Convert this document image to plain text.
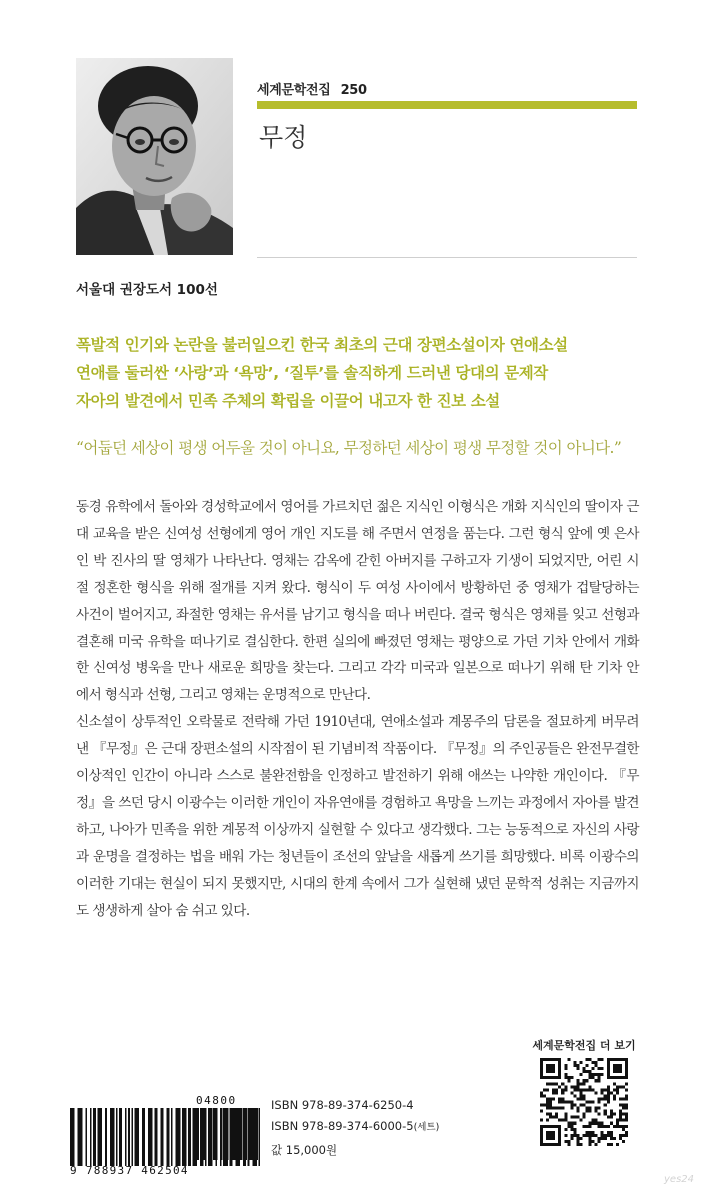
세계문학전집 250
무정
서울대 권장도서 100선
폭발적 인기와 논란을 불러일으킨 한국 최초의 근대 장편소설이자 연애소설
연애를 둘러싼 ‘사랑’과 ‘욕망’, ‘질투’를 솔직하게 드러낸 당대의 문제작
자아의 발견에서 민족 주체의 확립을 이끌어 내고자 한 진보 소설
“어둡던 세상이 평생 어두울 것이 아니요, 무정하던 세상이 평생 무정할 것이 아니다.”

동경 유학에서 돌아와 경성학교에서 영어를 가르치던 젊은 지식인 이형식은 개화 지식인의 딸이자 근대 교육을 받은 신여성 선형에게 영어 개인 지도를 해 주면서 연정을 품는다. 그런 형식 앞에 옛 은사인 박 진사의 딸 영채가 나타난다. 영채는 감옥에 갇힌 아버지를 구하고자 기생이 되었지만, 어린 시절 정혼한 형식을 위해 절개를 지켜 왔다. 형식이 두 여성 사이에서 방황하던 중 영채가 겁탈당하는 사건이 벌어지고, 좌절한 영채는 유서를 남기고 형식을 떠나 버린다. 결국 형식은 영채를 잊고 선형과 결혼해 미국 유학을 떠나기로 결심한다. 한편 실의에 빠졌던 영채는 평양으로 가던 기차 안에서 개화한 신여성 병욱을 만나 새로운 희망을 찾는다. 그리고 각각 미국과 일본으로 떠나기 위해 탄 기차 안에서 형식과 선형, 그리고 영채는 운명적으로 만난다.

신소설이 상투적인 오락물로 전락해 가던 1910년대, 연애소설과 계몽주의 담론을 절묘하게 버무려 낸 『무정』은 근대 장편소설의 시작점이 된 기념비적 작품이다. 『무정』의 주인공들은 완전무결한 이상적인 인간이 아니라 스스로 불완전함을 인정하고 발전하기 위해 애쓰는 나약한 개인이다. 『무정』을 쓰던 당시 이광수는 이러한 개인이 자유연애를 경험하고 욕망을 느끼는 과정에서 자아를 발견하고, 나아가 민족을 위한 계몽적 이상까지 실현할 수 있다고 생각했다. 그는 능동적으로 자신의 사랑과 운명을 결정하는 법을 배워 가는 청년들이 조선의 앞날을 새롭게 쓰기를 희망했다. 비록 이광수의 이러한 기대는 현실이 되지 못했지만, 시대의 한계 속에서 그가 실현해 냈던 문학적 성취는 지금까지도 생생하게 살아 숨 쉬고 있다.

세계문학전집 더 보기
04800
9 788937 462504
ISBN 978-89-374-6250-4
ISBN 978-89-374-6000-5(세트)
값 15,000원
yes24
